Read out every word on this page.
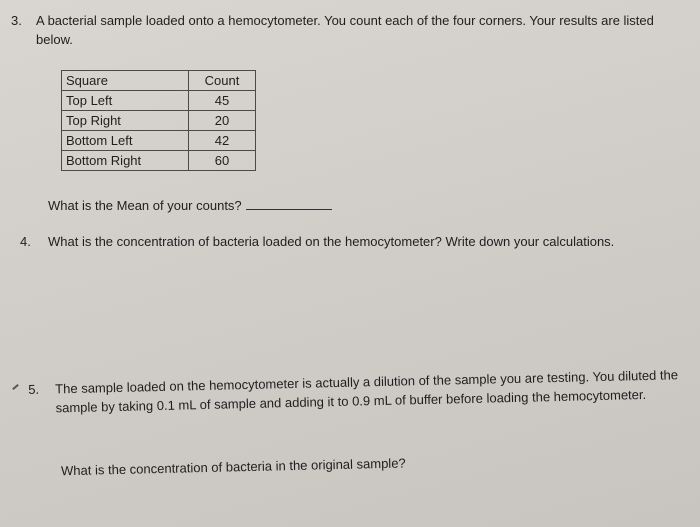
3. A bacterial sample loaded onto a hemocytometer. You count each of the four corners. Your results are listed below.
Square	Count
Top Left	45
Top Right	20
Bottom Left	42
Bottom Right	60
What is the Mean of your counts?
4. What is the concentration of bacteria loaded on the hemocytometer? Write down your calculations.
5. The sample loaded on the hemocytometer is actually a dilution of the sample you are testing. You diluted the sample by taking 0.1 mL of sample and adding it to 0.9 mL of buffer before loading the hemocytometer.
What is the concentration of bacteria in the original sample?
